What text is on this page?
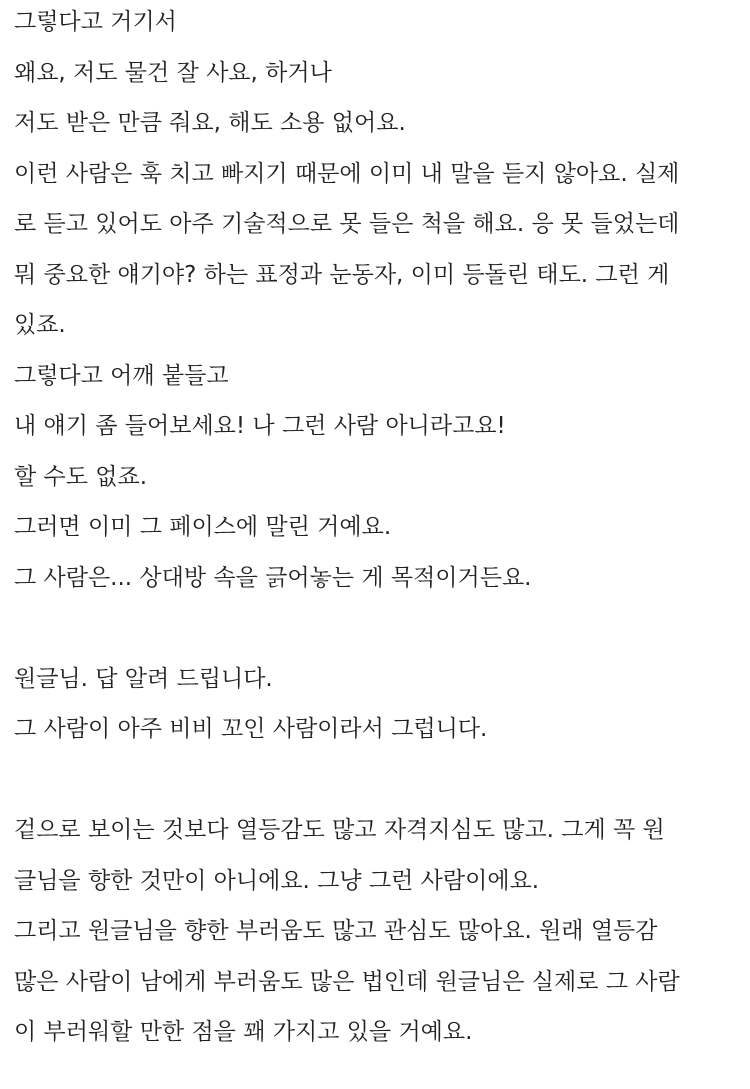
그렇다고 거기서
왜요, 저도 물건 잘 사요, 하거나
저도 받은 만큼 줘요, 해도 소용 없어요.
이런 사람은 훅 치고 빠지기 때문에 이미 내 말을 듣지 않아요. 실제
로 듣고 있어도 아주 기술적으로 못 들은 척을 해요. 응 못 들었는데
뭐 중요한 얘기야? 하는 표정과 눈동자, 이미 등돌린 태도. 그런 게
있죠.
그렇다고 어깨 붙들고
내 얘기 좀 들어보세요! 나 그런 사람 아니라고요!
할 수도 없죠.
그러면 이미 그 페이스에 말린 거예요.
그 사람은... 상대방 속을 긁어놓는 게 목적이거든요.
원글님. 답 알려 드립니다.
그 사람이 아주 비비 꼬인 사람이라서 그럽니다.
겉으로 보이는 것보다 열등감도 많고 자격지심도 많고. 그게 꼭 원
글님을 향한 것만이 아니에요. 그냥 그런 사람이에요.
그리고 원글님을 향한 부러움도 많고 관심도 많아요. 원래 열등감
많은 사람이 남에게 부러움도 많은 법인데 원글님은 실제로 그 사람
이 부러워할 만한 점을 꽤 가지고 있을 거예요.
